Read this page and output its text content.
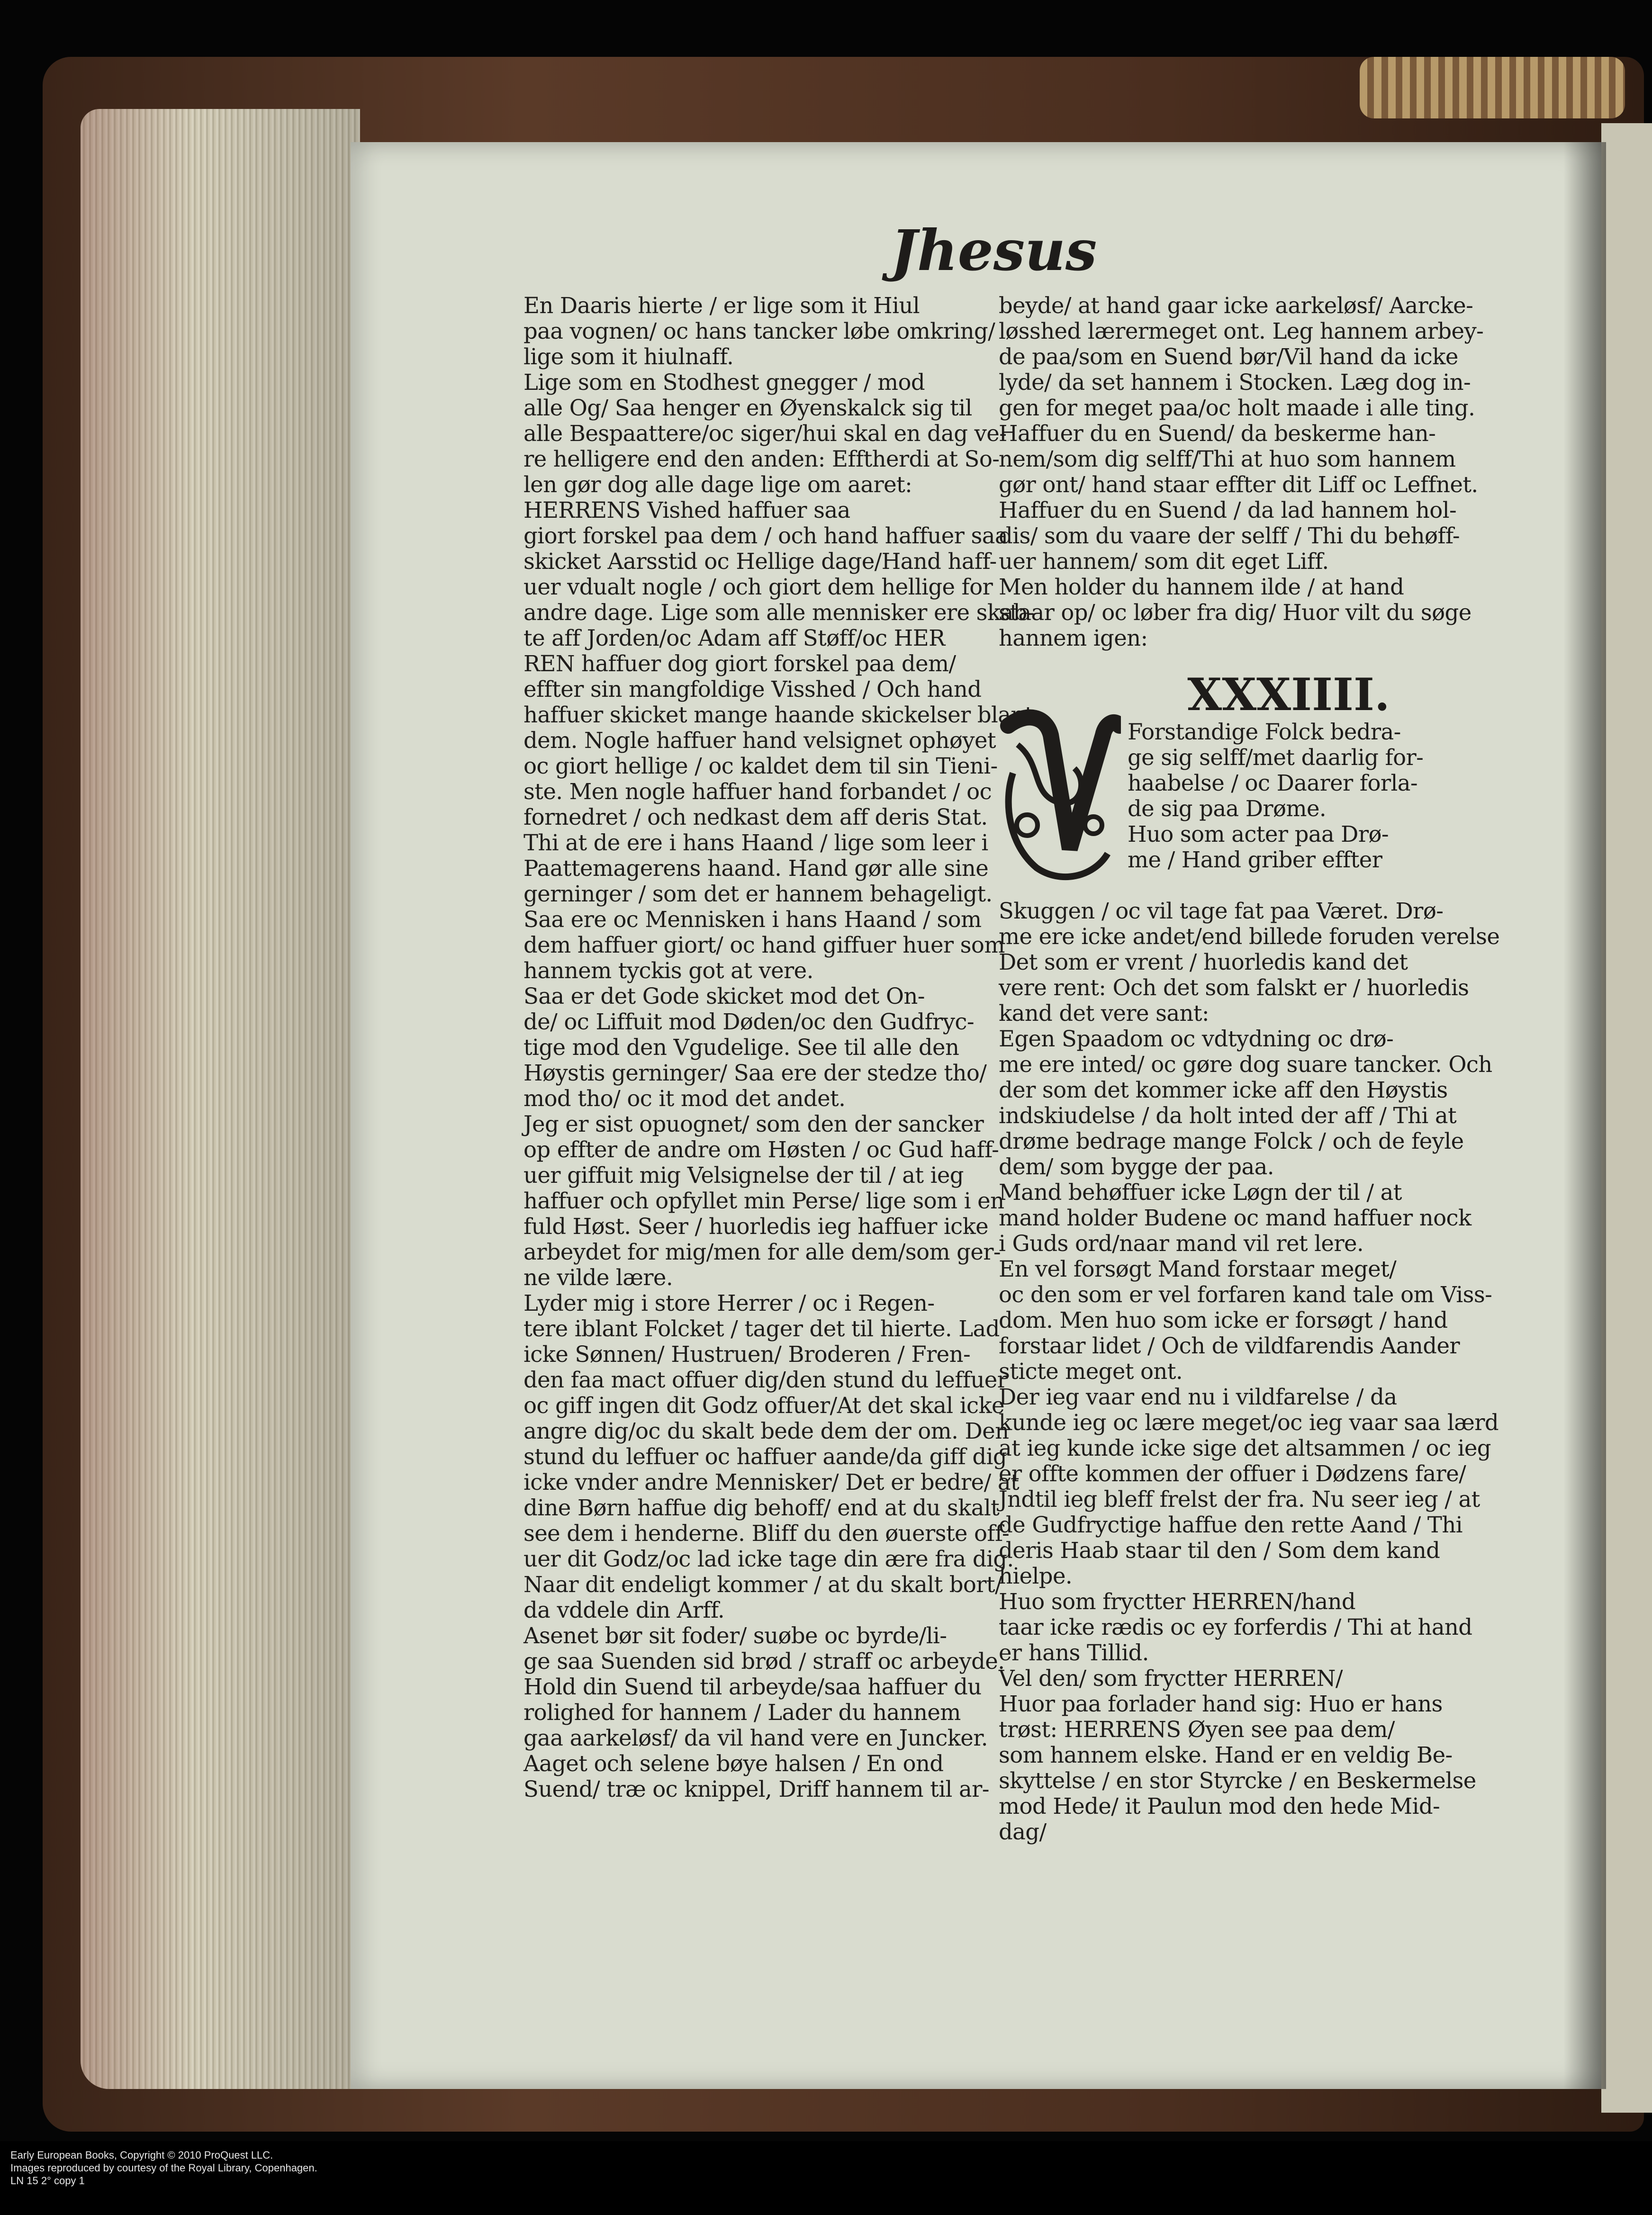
Jhesus
En Daaris hierte / er lige som it Hiul
paa vognen/ oc hans tancker løbe omkring/
lige som it hiulnaff.
Lige som en Stodhest gnegger / mod
alle Og/ Saa henger en Øyenskalck sig til
alle Bespaattere/oc siger/hui skal en dag ve-
re helligere end den anden: Efftherdi at So-
len gør dog alle dage lige om aaret:
HERRENS Vished haffuer saa
giort forskel paa dem / och hand haffuer saa
skicket Aarsstid oc Hellige dage/Hand haff-
uer vdualt nogle / och giort dem hellige for
andre dage. Lige som alle mennisker ere skab-
te aff Jorden/oc Adam aff Støff/oc HER
REN haffuer dog giort forskel paa dem/
effter sin mangfoldige Visshed / Och hand
haffuer skicket mange haande skickelser blant
dem. Nogle haffuer hand velsignet ophøyet
oc giort hellige / oc kaldet dem til sin Tieni-
ste. Men nogle haffuer hand forbandet / oc
fornedret / och nedkast dem aff deris Stat.
Thi at de ere i hans Haand / lige som leer i
Paattemagerens haand. Hand gør alle sine
gerninger / som det er hannem behageligt.
Saa ere oc Mennisken i hans Haand / som
dem haffuer giort/ oc hand giffuer huer som
hannem tyckis got at vere.
Saa er det Gode skicket mod det On-
de/ oc Liffuit mod Døden/oc den Gudfryc-
tige mod den Vgudelige. See til alle den
Høystis gerninger/ Saa ere der stedze tho/
mod tho/ oc it mod det andet.
Jeg er sist opuognet/ som den der sancker
op effter de andre om Høsten / oc Gud haff-
uer giffuit mig Velsignelse der til / at ieg
haffuer och opfyllet min Perse/ lige som i en
fuld Høst. Seer / huorledis ieg haffuer icke
arbeydet for mig/men for alle dem/som ger-
ne vilde lære.
Lyder mig i store Herrer / oc i Regen-
tere iblant Folcket / tager det til hierte. Lad
icke Sønnen/ Hustruen/ Broderen / Fren-
den faa mact offuer dig/den stund du leffuer
oc giff ingen dit Godz offuer/At det skal icke
angre dig/oc du skalt bede dem der om. Den
stund du leffuer oc haffuer aande/da giff dig
icke vnder andre Mennisker/ Det er bedre/ at
dine Børn haffue dig behoff/ end at du skalt
see dem i henderne. Bliff du den øuerste off-
uer dit Godz/oc lad icke tage din ære fra dig.
Naar dit endeligt kommer / at du skalt bort/
da vddele din Arff.
Asenet bør sit foder/ suøbe oc byrde/li-
ge saa Suenden sid brød / straff oc arbeyde.
Hold din Suend til arbeyde/saa haffuer du
rolighed for hannem / Lader du hannem
gaa aarkeløsf/ da vil hand vere en Juncker.
Aaget och selene bøye halsen / En ond
Suend/ træ oc knippel, Driff hannem til ar-
beyde/ at hand gaar icke aarkeløsf/ Aarcke-
løsshed lærermeget ont. Leg hannem arbey-
de paa/som en Suend bør/Vil hand da icke
lyde/ da set hannem i Stocken. Læg dog in-
gen for meget paa/oc holt maade i alle ting.
Haffuer du en Suend/ da beskerme han-
nem/som dig selff/Thi at huo som hannem
gør ont/ hand staar effter dit Liff oc Leffnet.
Haffuer du en Suend / da lad hannem hol-
dis/ som du vaare der selff / Thi du behøff-
uer hannem/ som dit eget Liff.
Men holder du hannem ilde / at hand
staar op/ oc løber fra dig/ Huor vilt du søge
hannem igen:
XXXIIII.
Forstandige Folck bedra-
ge sig selff/met daarlig for-
haabelse / oc Daarer forla-
de sig paa Drøme.
Huo som acter paa Drø-
me / Hand griber effter
Skuggen / oc vil tage fat paa Været. Drø-
me ere icke andet/end billede foruden verelse
Det som er vrent / huorledis kand det
vere rent: Och det som falskt er / huorledis
kand det vere sant:
Egen Spaadom oc vdtydning oc drø-
me ere inted/ oc gøre dog suare tancker. Och
der som det kommer icke aff den Høystis
indskiudelse / da holt inted der aff / Thi at
drøme bedrage mange Folck / och de feyle
dem/ som bygge der paa.
Mand behøffuer icke Løgn der til / at
mand holder Budene oc mand haffuer nock
i Guds ord/naar mand vil ret lere.
En vel forsøgt Mand forstaar meget/
oc den som er vel forfaren kand tale om Viss-
dom. Men huo som icke er forsøgt / hand
forstaar lidet / Och de vildfarendis Aander
sticte meget ont.
Der ieg vaar end nu i vildfarelse / da
kunde ieg oc lære meget/oc ieg vaar saa lærd
at ieg kunde icke sige det altsammen / oc ieg
er offte kommen der offuer i Dødzens fare/
Jndtil ieg bleff frelst der fra. Nu seer ieg / at
de Gudfryctige haffue den rette Aand / Thi
deris Haab staar til den / Som dem kand
hielpe.
Huo som fryctter HERREN/hand
taar icke rædis oc ey forferdis / Thi at hand
er hans Tillid.
Vel den/ som fryctter HERREN/
Huor paa forlader hand sig: Huo er hans
trøst: HERRENS Øyen see paa dem/
som hannem elske. Hand er en veldig Be-
skyttelse / en stor Styrcke / en Beskermelse
mod Hede/ it Paulun mod den hede Mid-
dag/
Early European Books, Copyright © 2010 ProQuest LLC.
Images reproduced by courtesy of the Royal Library, Copenhagen.
LN 15 2° copy 1
